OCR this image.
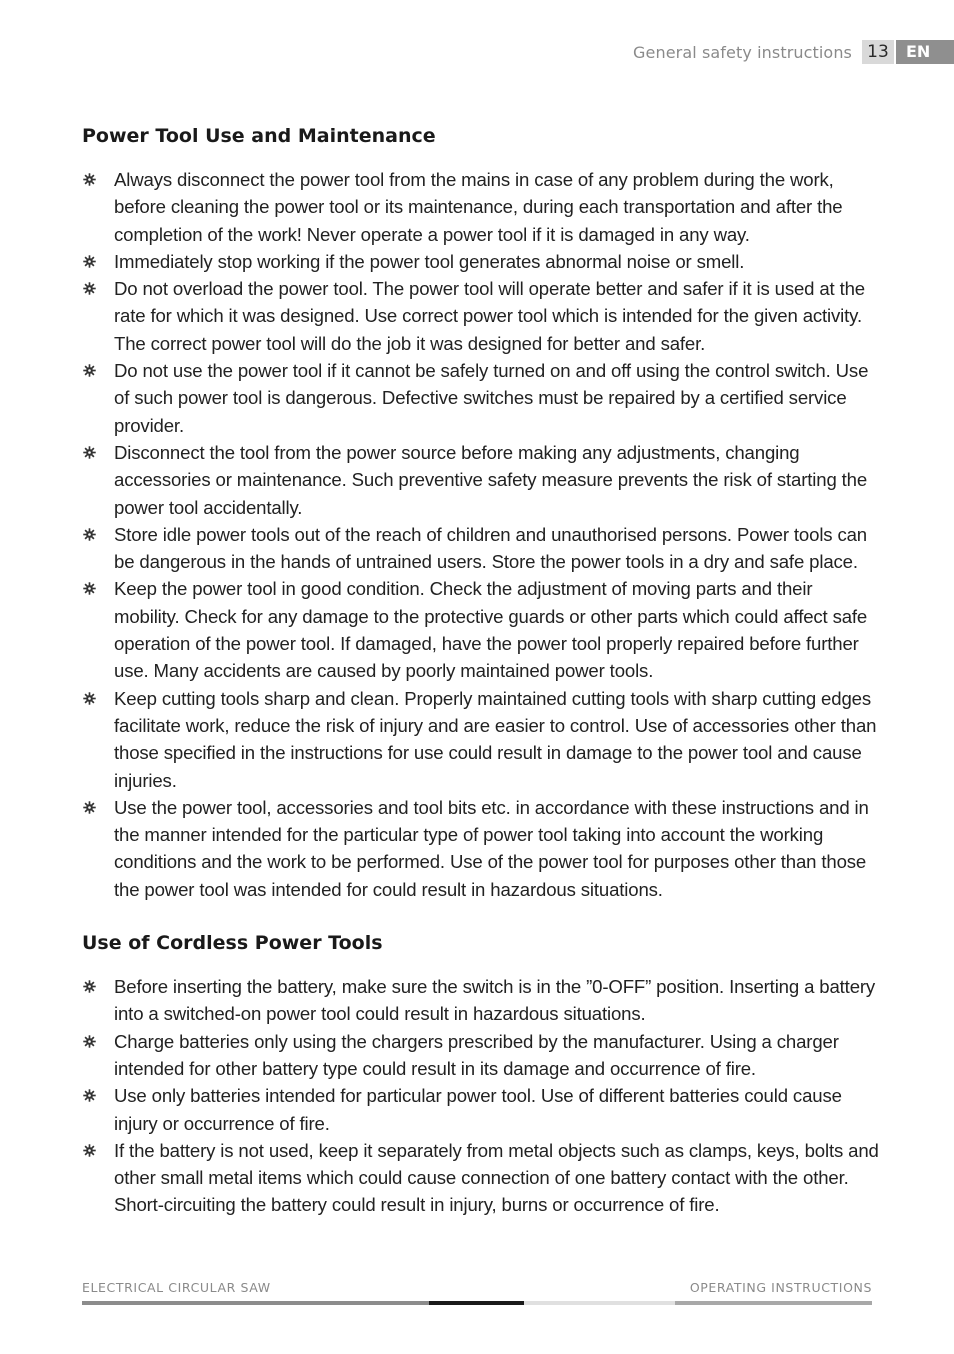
General safety instructions 13	EN
Power Tool Use and Maintenance
Always disconnect the power tool from the mains in case of any problem during the work, before cleaning the power tool or its maintenance, during each transportation and after the completion of the work! Never operate a power tool if it is damaged in any way.
Immediately stop working if the power tool generates abnormal noise or smell.
Do not overload the power tool. The power tool will operate better and safer if it is used at the rate for which it was designed. Use correct power tool which is intended for the given activity. The correct power tool will do the job it was designed for better and safer.
Do not use the power tool if it cannot be safely turned on and off using the control switch. Use of such power tool is dangerous. Defective switches must be repaired by a certified service provider.
Disconnect the tool from the power source before making any adjustments, changing accessories or maintenance. Such preventive safety measure prevents the risk of starting the power tool accidentally.
Store idle power tools out of the reach of children and unauthorised persons. Power tools can be dangerous in the hands of untrained users. Store the power tools in a dry and safe place.
Keep the power tool in good condition. Check the adjustment of moving parts and their mobility. Check for any damage to the protective guards or other parts which could affect safe operation of the power tool. If damaged, have the power tool properly repaired before further use. Many accidents are caused by poorly maintained power tools.
Keep cutting tools sharp and clean. Properly maintained cutting tools with sharp cutting edges facilitate work, reduce the risk of injury and are easier to control. Use of accessories other than those specified in the instructions for use could result in damage to the power tool and cause injuries.
Use the power tool, accessories and tool bits etc. in accordance with these instructions and in the manner intended for the particular type of power tool taking into account the working conditions and the work to be performed. Use of the power tool for purposes other than those the power tool was intended for could result in hazardous situations.
Use of Cordless Power Tools
Before inserting the battery, make sure the switch is in the ”0-OFF” position. Inserting a battery into a switched-on power tool could result in hazardous situations.
Charge batteries only using the chargers prescribed by the manufacturer. Using a charger intended for other battery type could result in its damage and occurrence of fire.
Use only batteries intended for particular power tool. Use of different batteries could cause injury or occurrence of fire.
If the battery is not used, keep it separately from metal objects such as clamps, keys, bolts and other small metal items which could cause connection of one battery contact with the other. Short-circuiting the battery could result in injury, burns or occurrence of fire.
ELECTRICAL CIRCULAR SAW	OPERATING INSTRUCTIONS
